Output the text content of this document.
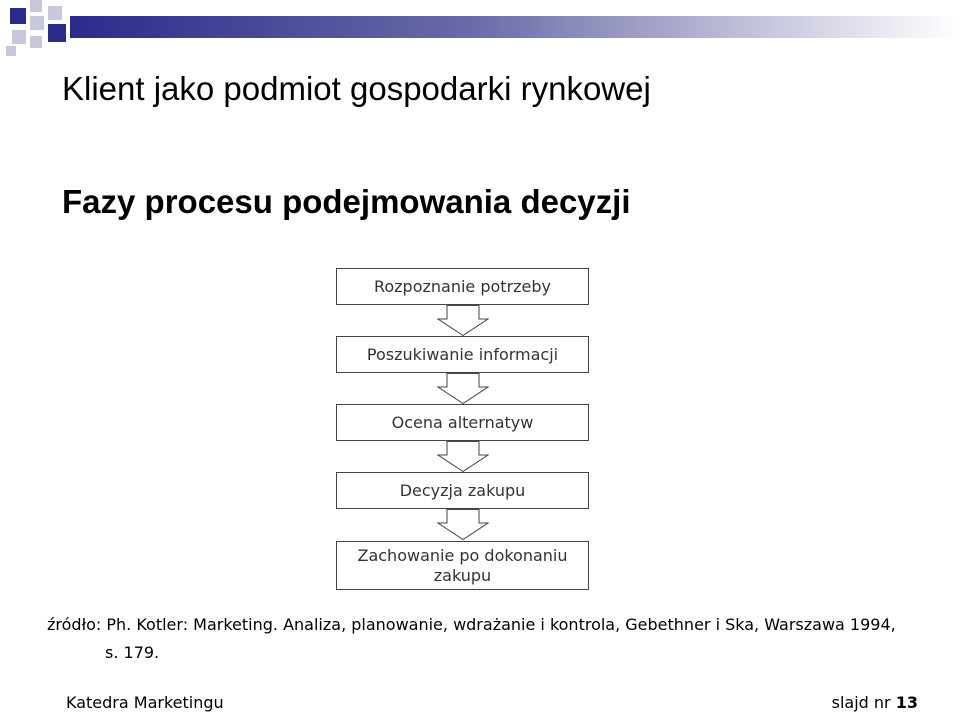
Klient jako podmiot gospodarki rynkowej
Fazy procesu podejmowania decyzji
Rozpoznanie potrzeby
Poszukiwanie informacji
Ocena alternatyw
Decyzja zakupu
Zachowanie po dokonaniu zakupu
źródło: Ph. Kotler: Marketing. Analiza, planowanie, wdrażanie i kontrola, Gebethner i Ska, Warszawa 1994,
s. 179.
Katedra Marketingu	slajd nr 13
